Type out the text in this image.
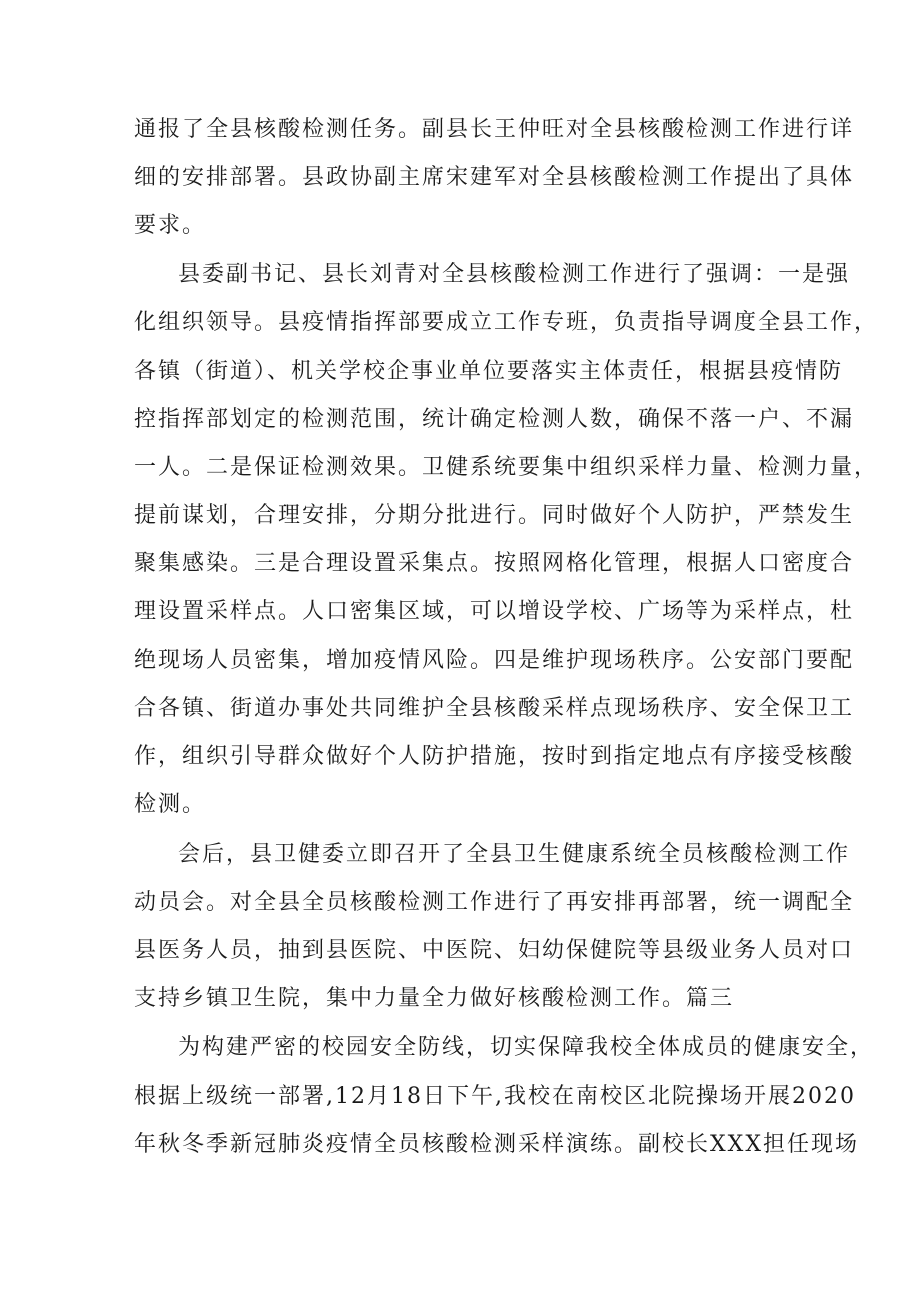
通报了全县核酸检测任务。副县长王仲旺对全县核酸检测工作进行详
细的安排部署。县政协副主席宋建军对全县核酸检测工作提出了具体
要求。
县委副书记、县长刘青对全县核酸检测工作进行了强调：一是强
化组织领导。县疫情指挥部要成立工作专班，负责指导调度全县工作，
各镇（街道）、机关学校企事业单位要落实主体责任，根据县疫情防
控指挥部划定的检测范围，统计确定检测人数，确保不落一户、不漏
一人。二是保证检测效果。卫健系统要集中组织采样力量、检测力量，
提前谋划，合理安排，分期分批进行。同时做好个人防护，严禁发生
聚集感染。三是合理设置采集点。按照网格化管理，根据人口密度合
理设置采样点。人口密集区域，可以增设学校、广场等为采样点，杜
绝现场人员密集，增加疫情风险。四是维护现场秩序。公安部门要配
合各镇、街道办事处共同维护全县核酸采样点现场秩序、安全保卫工
作，组织引导群众做好个人防护措施，按时到指定地点有序接受核酸
检测。
会后，县卫健委立即召开了全县卫生健康系统全员核酸检测工作
动员会。对全县全员核酸检测工作进行了再安排再部署，统一调配全
县医务人员，抽到县医院、中医院、妇幼保健院等县级业务人员对口
支持乡镇卫生院，集中力量全力做好核酸检测工作。篇三
为构建严密的校园安全防线，切实保障我校全体成员的健康安全，
根据上级统一部署,12月18日下午,我校在南校区北院操场开展2020
年秋冬季新冠肺炎疫情全员核酸检测采样演练。副校长XXX担任现场
